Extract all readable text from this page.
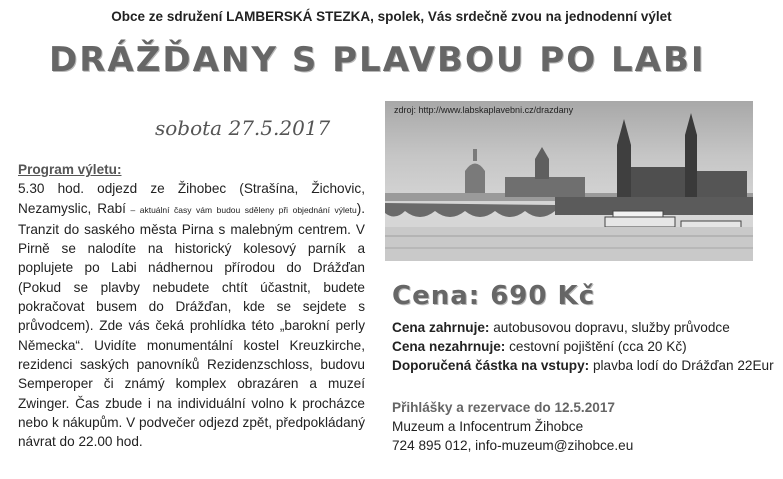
Obce ze sdružení LAMBERSKÁ STEZKA, spolek, Vás srdečně zvou na jednodenní výlet
DRÁŽĎANY S PLAVBOU PO LABI
sobota 27.5.2017
Program výletu:

5.30 hod. odjezd ze Žihobec (Strašína, Žichovic, Nezamyslic, Rabí – aktuální časy vám budou sděleny při objednání výletu). Tranzit do saského města Pirna s malebným centrem. V Pirně se nalodíte na historický kolesový parník a poplujete po Labi nádhernou přírodou do Drážďan (Pokud se plavby nebudete chtít účastnit, budete pokračovat busem do Drážďan, kde se sejdete s průvodcem). Zde vás čeká prohlídka této „barokní perly Německa“. Uvidíte monumentální kostel Kreuzkirche, rezidenci saských panovníků Rezidenzschloss, budovu Semperoper či známý komplex obrazáren a muzeí Zwinger. Čas zbude i na individuální volno k procházce nebo k nákupům. V podvečer odjezd zpět, předpokládaný návrat do 22.00 hod.

zdroj: http://www.labskaplavebni.cz/drazdany
Cena: 690 Kč
Cena zahrnuje: autobusovou dopravu, služby průvodce
Cena nezahrnuje: cestovní pojištění (cca 20 Kč)
Doporučená částka na vstupy: plavba lodí do Drážďan 22Eur
Přihlášky a rezervace do 12.5.2017
Muzeum a Infocentrum Žihobce
724 895 012, info-muzeum@zihobce.eu
